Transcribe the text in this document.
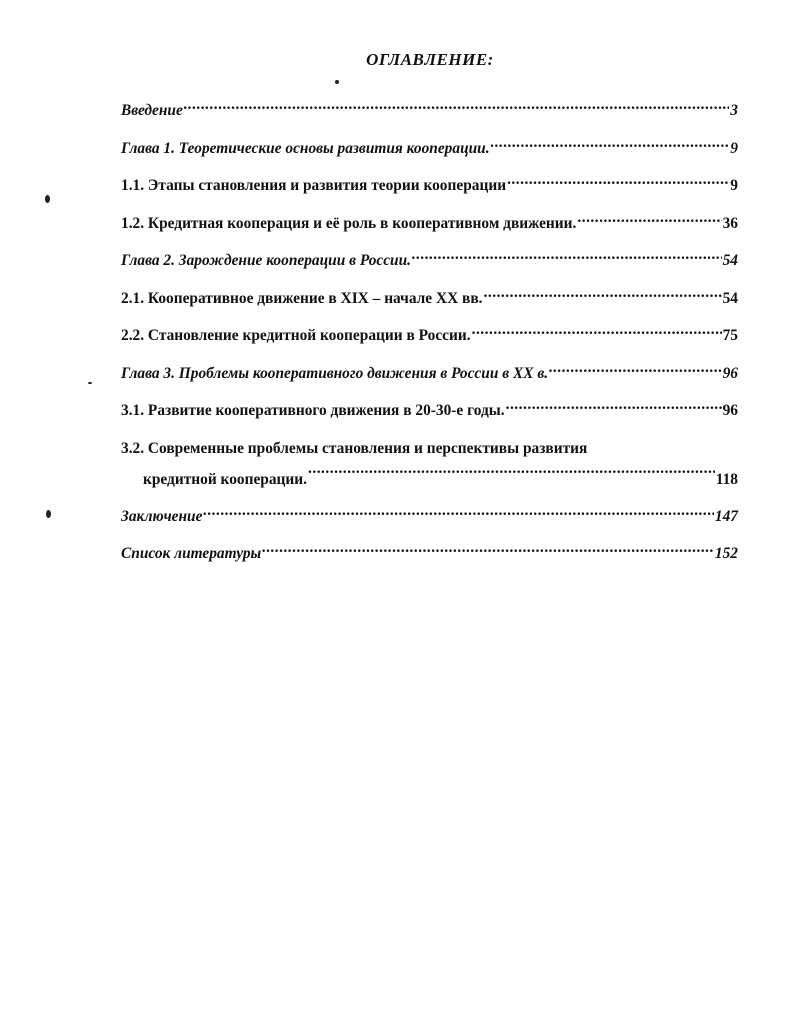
ОГЛАВЛЕНИЕ:
Введение .....	3
Глава 1. Теоретические основы развития кооперации. .....	9
1.1. Этапы становления и развития теории кооперации .....	9
1.2. Кредитная кооперация и её роль в кооперативном движении. .....	36
Глава 2. Зарождение кооперации в России. .....	54
2.1. Кооперативное движение в XIX – начале XX вв. .....	54
2.2. Становление кредитной кооперации в России. .....	75
Глава 3. Проблемы кооперативного движения в России в XX в. .....	96
3.1. Развитие кооперативного движения в 20-30-е годы. .....	96
3.2. Современные проблемы становления и перспективы развития
кредитной кооперации. .....	118
Заключение .....	147
Список литературы .....	152
